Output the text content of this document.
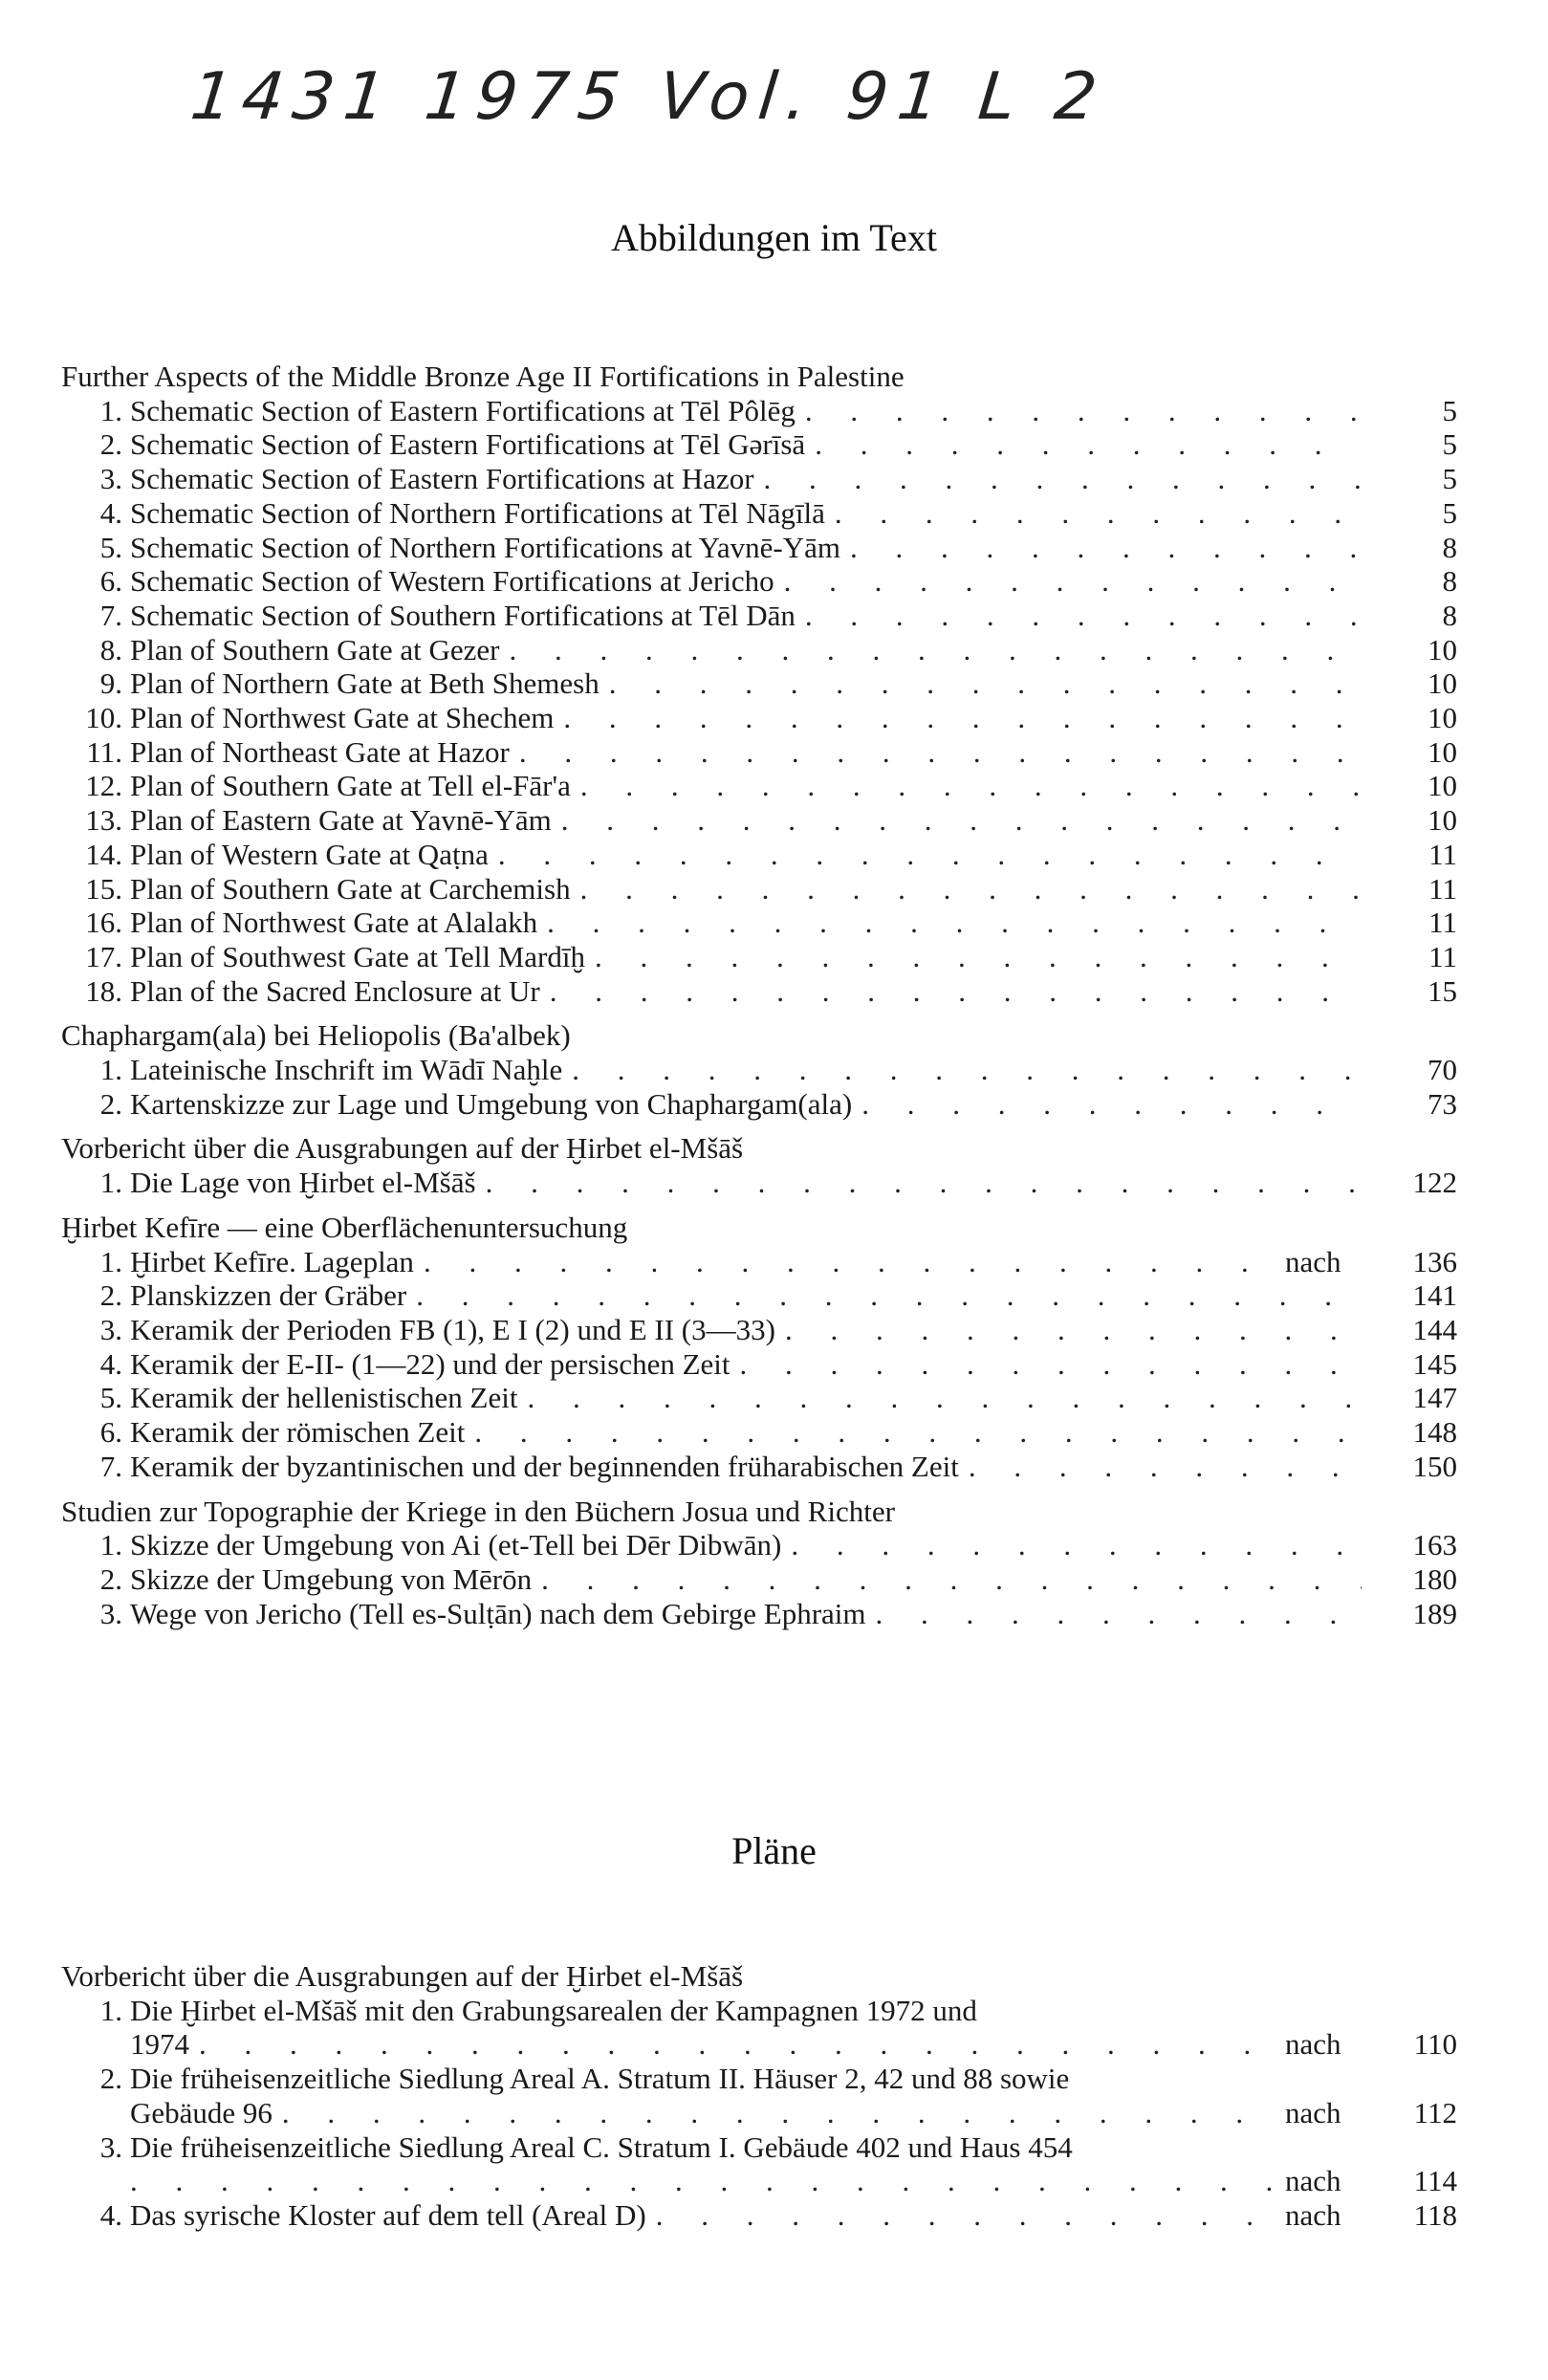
1431 1975 Vol. 91 L 2
Abbildungen im Text
Further Aspects of the Middle Bronze Age II Fortifications in Palestine
1. Schematic Section of Eastern Fortifications at Tēl Pôlēg . . .	5
2. Schematic Section of Eastern Fortifications at Tēl Gərīsā . . .	5
3. Schematic Section of Eastern Fortifications at Hazor . . .	5
4. Schematic Section of Northern Fortifications at Tēl Nāgīlā . . .	5
5. Schematic Section of Northern Fortifications at Yavnē-Yām . . .	8
6. Schematic Section of Western Fortifications at Jericho . . .	8
7. Schematic Section of Southern Fortifications at Tēl Dān . . .	8
8. Plan of Southern Gate at Gezer . . .	10
9. Plan of Northern Gate at Beth Shemesh . . .	10
10. Plan of Northwest Gate at Shechem . . .	10
11. Plan of Northeast Gate at Hazor . . .	10
12. Plan of Southern Gate at Tell el-Fār'a . . .	10
13. Plan of Eastern Gate at Yavnē-Yām . . .	10
14. Plan of Western Gate at Qaṭna . . .	11
15. Plan of Southern Gate at Carchemish . . .	11
16. Plan of Northwest Gate at Alalakh . . .	11
17. Plan of Southwest Gate at Tell Mardīḫ . . .	11
18. Plan of the Sacred Enclosure at Ur . . .	15
Chaphargam(ala) bei Heliopolis (Ba'albek)
1. Lateinische Inschrift im Wādī Naḫle . . .	70
2. Kartenskizze zur Lage und Umgebung von Chaphargam(ala) . . .	73
Vorbericht über die Ausgrabungen auf der Ḫirbet el-Mšāš
1. Die Lage von Ḫirbet el-Mšāš . . .	122
Ḫirbet Kefīre — eine Oberflächenuntersuchung
1. Ḫirbet Kefīre. Lageplan . . .	nach	136
2. Planskizzen der Gräber . . .	141
3. Keramik der Perioden FB (1), E I (2) und E II (3—33) . . .	144
4. Keramik der E-II- (1—22) und der persischen Zeit . . .	145
5. Keramik der hellenistischen Zeit . . .	147
6. Keramik der römischen Zeit . . .	148
7. Keramik der byzantinischen und der beginnenden früharabischen Zeit . . .	150
Studien zur Topographie der Kriege in den Büchern Josua und Richter
1. Skizze der Umgebung von Ai (et-Tell bei Dēr Dibwān) . . .	163
2. Skizze der Umgebung von Mērōn . . .	180
3. Wege von Jericho (Tell es-Sulṭān) nach dem Gebirge Ephraim . . .	189
Pläne
Vorbericht über die Ausgrabungen auf der Ḫirbet el-Mšāš
1. Die Ḫirbet el-Mšāš mit den Grabungsarealen der Kampagnen 1972 und
1974 . . .	nach	110
2. Die frühеisenzeitliche Siedlung Areal A. Stratum II. Häuser 2, 42 und 88 sowie
Gebäude 96 . . .	nach	112
3. Die früheisenzeitliche Siedlung Areal C. Stratum I. Gebäude 402 und Haus 454
. . .
nach	114
4. Das syrische Kloster auf dem tell (Areal D) . . .	nach	118
